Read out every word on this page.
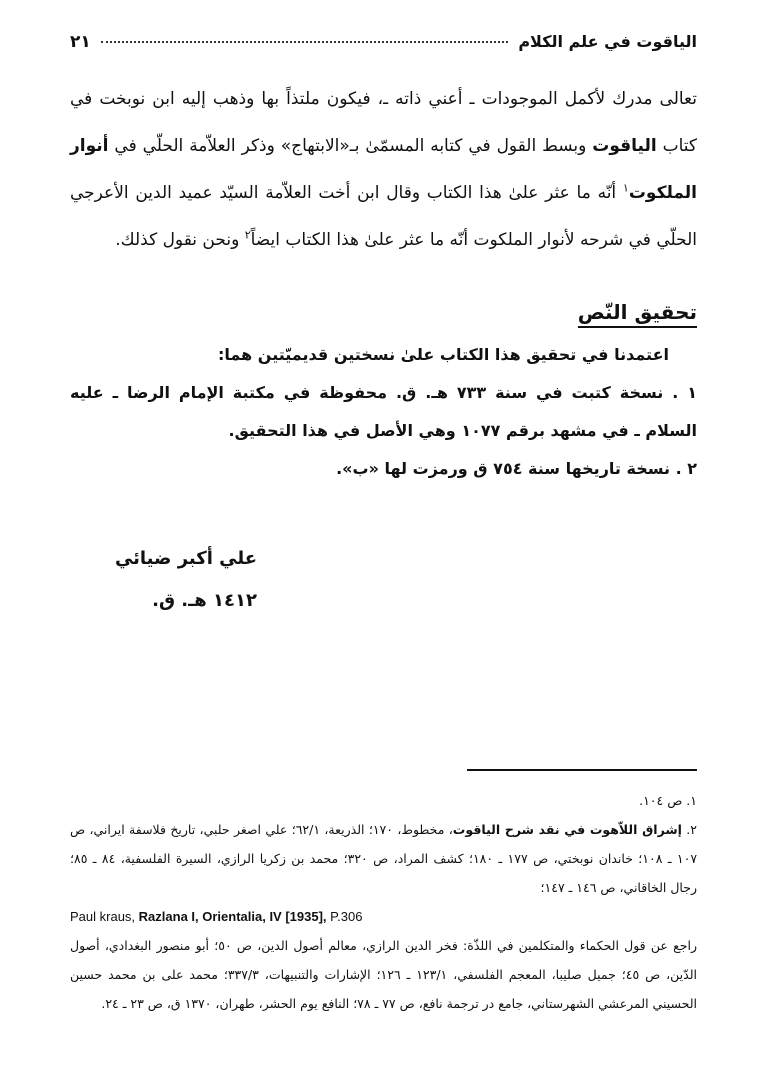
الياقوت في علم الكلام
٢١

تعالى مدرك لأكمل الموجودات ـ أعني ذاته ـ، فيكون ملتذاً بها وذهب إليه ابن نوبخت في كتاب الياقوت وبسط القول في كتابه المسمّىٰ بـ«الابتهاج» وذكر العلاّمة الحلّي في أنوار الملكوت$^١$ أنّه ما عثر علىٰ هذا الكتاب وقال ابن أخت العلاّمة السيّد عميد الدين الأعرجي الحلّي في شرحه لأنوار الملكوت أنّه ما عثر علىٰ هذا الكتاب ايضاً$^٢$ ونحن نقول كذلك.

تحقيق النّص
اعتمدنا في تحقيق هذا الكتاب علىٰ نسختين قديميّتين هما:
١ . نسخة كتبت في سنة ٧٣٣ هـ. ق. محفوظة في مكتبة الإمام الرضا ـ عليه السلام ـ في مشهد برقم ١٠٧٧ وهي الأصل في هذا التحقيق.
٢ . نسخة تاريخها سنة ٧٥٤ ق ورمزت لها «ب».
علي أكبر ضيائي
١٤١٢ هـ. ق.

١. ص ١٠٤.

٢. إشراق اللاّهوت في نقد شرح الياقوت، مخطوط، ١٧٠؛ الذريعة، ٦٢/١؛ علي اصغر حلبي، تاريخ فلاسفة ايراني، ص ١٠٧ ـ ١٠٨؛ خاندان نوبختي، ص ١٧٧ ـ ١٨٠؛ كشف المراد، ص ٣٢٠؛ محمد بن زكريا الرازي، السيرة الفلسفية، ٨٤ ـ ٨٥؛ رجال الخاقاني، ص ١٤٦ ـ ١٤٧؛

Paul kraus, Razlana I, Orientalia, IV [1935], P.306

راجع عن قول الحكماء والمتكلمين في اللذّة: فخر الدين الرازي، معالم أصول الدين، ص ٥٠؛ أبو منصور البغدادي، أصول الدّين، ص ٤٥؛ جميل صليبا، المعجم الفلسفي، ١٢٣/١ ـ ١٢٦؛ الإشارات والتنبيهات، ٣٣٧/٣؛ محمد على بن محمد حسين الحسيني المرعشي الشهرستاني، جامع در ترجمة نافع، ص ٧٧ ـ ٧٨؛ النافع يوم الحشر، طهران، ١٣٧٠ ق، ص ٢٣ ـ ٢٤.
